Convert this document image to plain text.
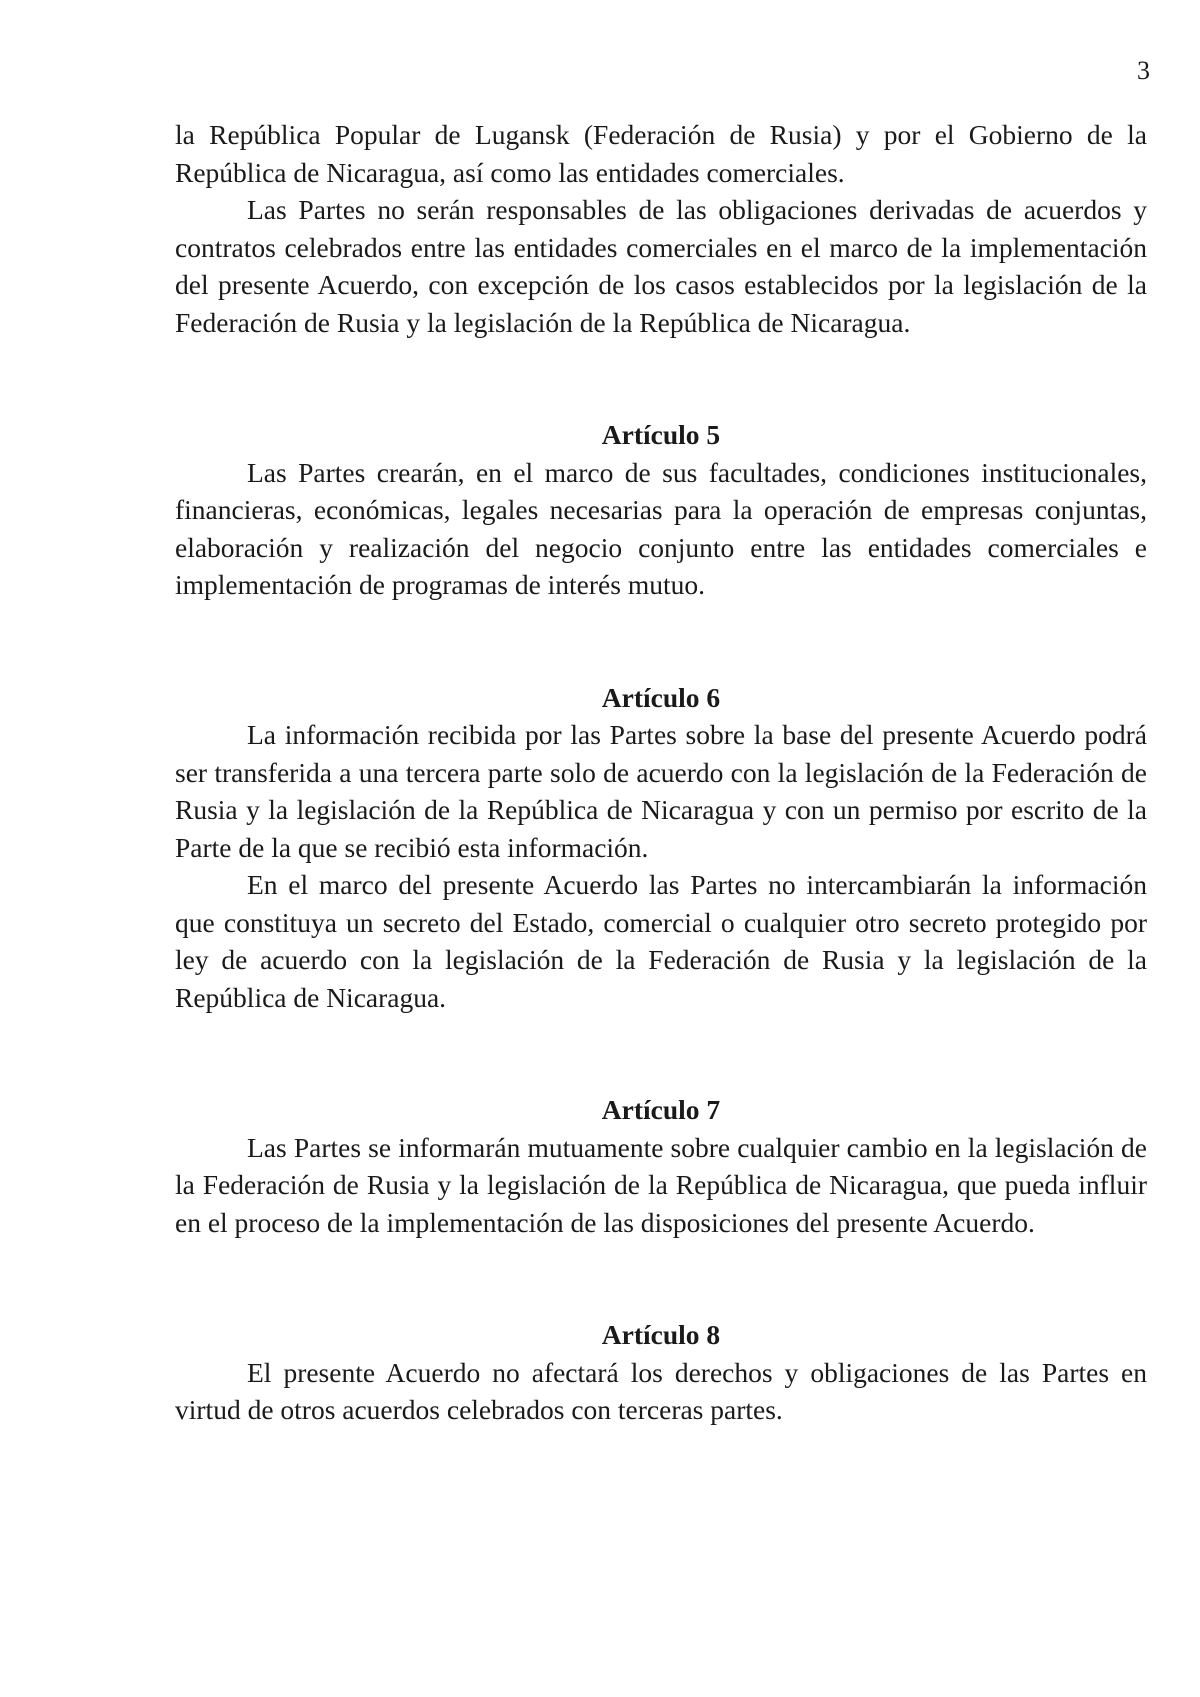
3

la República Popular de Lugansk (Federación de Rusia) y por el Gobierno de la República de Nicaragua, así como las entidades comerciales.

Las Partes no serán responsables de las obligaciones derivadas de acuerdos y contratos celebrados entre las entidades comerciales en el marco de la implementación del presente Acuerdo, con excepción de los casos establecidos por la legislación de la Federación de Rusia y la legislación de la República de Nicaragua.

Artículo 5

Las Partes crearán, en el marco de sus facultades, condiciones institucionales, financieras, económicas, legales necesarias para la operación de empresas conjuntas, elaboración y realización del negocio conjunto entre las entidades comerciales e implementación de programas de interés mutuo.

Artículo 6

La información recibida por las Partes sobre la base del presente Acuerdo podrá ser transferida a una tercera parte solo de acuerdo con la legislación de la Federación de Rusia y la legislación de la República de Nicaragua y con un permiso por escrito de la Parte de la que se recibió esta información.

En el marco del presente Acuerdo las Partes no intercambiarán la información que constituya un secreto del Estado, comercial o cualquier otro secreto protegido por ley de acuerdo con la legislación de la Federación de Rusia y la legislación de la República de Nicaragua.

Artículo 7

Las Partes se informarán mutuamente sobre cualquier cambio en la legislación de la Federación de Rusia y la legislación de la República de Nicaragua, que pueda influir en el proceso de la implementación de las disposiciones del presente Acuerdo.

Artículo 8

El presente Acuerdo no afectará los derechos y obligaciones de las Partes en virtud de otros acuerdos celebrados con terceras partes.
